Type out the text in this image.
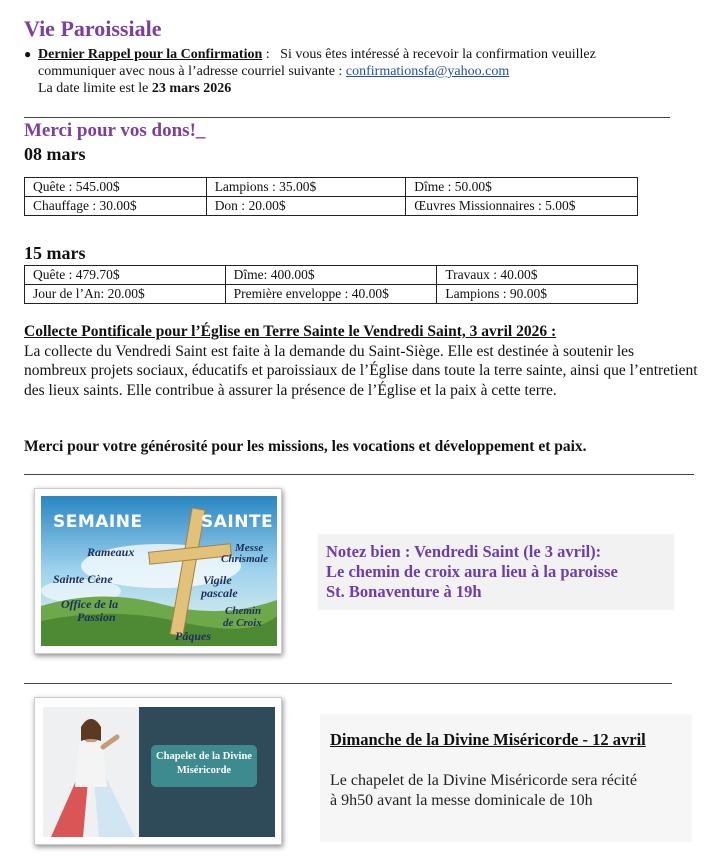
Vie Paroissiale
● Dernier Rappel pour la Confirmation : Si vous êtes intéressé à recevoir la confirmation veuillez
communiquer avec nous à l’adresse courriel suivante : confirmationsfa@yahoo.com
La date limite est le 23 mars 2026
Merci pour vos dons!_
08 mars
Quête : 545.00$	Lampions : 35.00$	Dîme : 50.00$
Chauffage : 30.00$	Don : 20.00$	Œuvres Missionnaires : 5.00$
15 mars
Quête : 479.70$	Dîme: 400.00$	Travaux : 40.00$
Jour de l’An: 20.00$	Première enveloppe : 40.00$	Lampions : 90.00$
Collecte Pontificale pour l’Église en Terre Sainte le Vendredi Saint, 3 avril 2026 :
La collecte du Vendredi Saint est faite à la demande du Saint-Siège. Elle est destinée à soutenir les nombreux projets sociaux, éducatifs et paroissiaux de l’Église dans toute la terre sainte, ainsi que l’entretient des lieux saints. Elle contribue à assurer la présence de l’Église et la paix à cette terre.
Merci pour votre générosité pour les missions, les vocations et développement et paix.
SEMAINE	SAINTE
Rameaux
Sainte Cène
Office de la
Passion
Messe
Chrismale
Vigile
pascale
Chemin
de Croix
Pâques
Notez bien : Vendredi Saint (le 3 avril):
Le chemin de croix aura lieu à la paroisse
St. Bonaventure à 19h
Chapelet de la Divine
Miséricorde
Dimanche de la Divine Miséricorde - 12 avril
Le chapelet de la Divine Miséricorde sera récité
à 9h50 avant la messe dominicale de 10h
